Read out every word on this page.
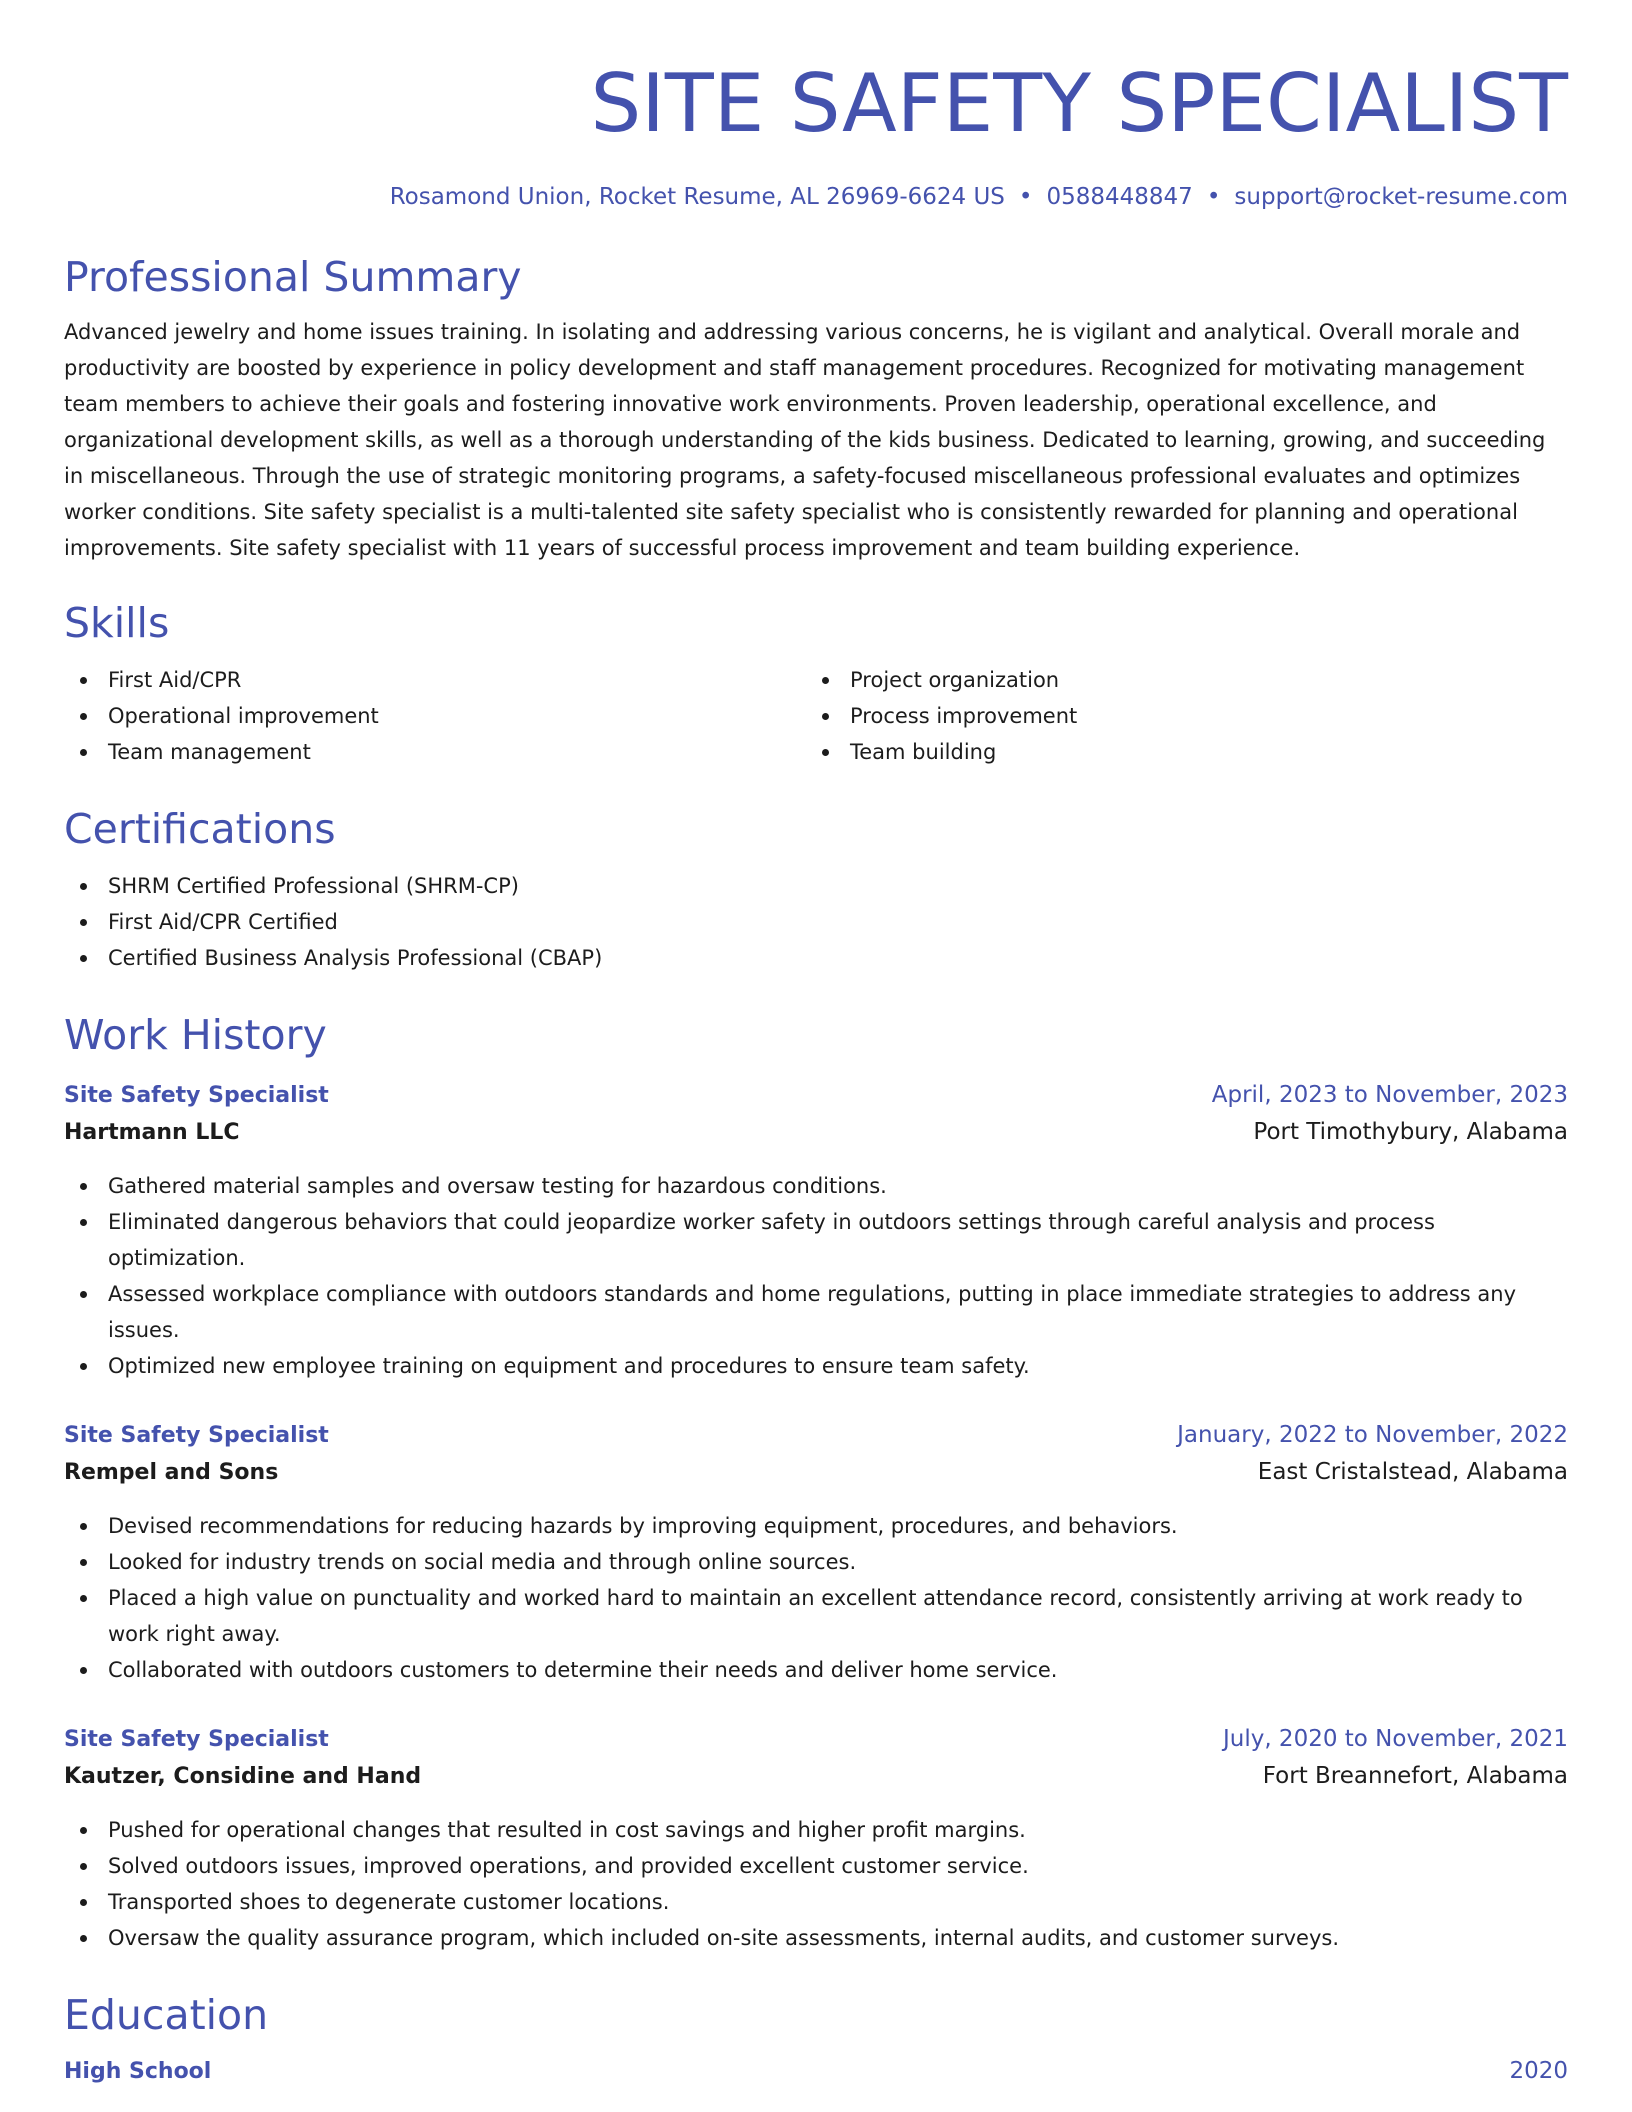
SITE SAFETY SPECIALIST
Rosamond Union, Rocket Resume, AL 26969-6624 US • 0588448847 • support@rocket-resume.com
Professional Summary

Advanced jewelry and home issues training. In isolating and addressing various concerns, he is vigilant and analytical. Overall morale and productivity are boosted by experience in policy development and staff management procedures. Recognized for motivating management team members to achieve their goals and fostering innovative work environments. Proven leadership, operational excellence, and organizational development skills, as well as a thorough understanding of the kids business. Dedicated to learning, growing, and succeeding in miscellaneous. Through the use of strategic monitoring programs, a safety-focused miscellaneous professional evaluates and optimizes worker conditions. Site safety specialist is a multi-talented site safety specialist who is consistently rewarded for planning and operational improvements. Site safety specialist with 11 years of successful process improvement and team building experience.

Skills
First Aid/CPR
Operational improvement
Team management
Project organization
Process improvement
Team building
Certifications
SHRM Certified Professional (SHRM-CP)
First Aid/CPR Certified
Certified Business Analysis Professional (CBAP)
Work History
Site Safety Specialist	April, 2023 to November, 2023
Hartmann LLC	Port Timothybury, Alabama
Gathered material samples and oversaw testing for hazardous conditions.
Eliminated dangerous behaviors that could jeopardize worker safety in outdoors settings through careful analysis and process optimization.
Assessed workplace compliance with outdoors standards and home regulations, putting in place immediate strategies to address any issues.
Optimized new employee training on equipment and procedures to ensure team safety.
Site Safety Specialist	January, 2022 to November, 2022
Rempel and Sons	East Cristalstead, Alabama
Devised recommendations for reducing hazards by improving equipment, procedures, and behaviors.
Looked for industry trends on social media and through online sources.
Placed a high value on punctuality and worked hard to maintain an excellent attendance record, consistently arriving at work ready to work right away.
Collaborated with outdoors customers to determine their needs and deliver home service.
Site Safety Specialist	July, 2020 to November, 2021
Kautzer, Considine and Hand	Fort Breannefort, Alabama
Pushed for operational changes that resulted in cost savings and higher profit margins.
Solved outdoors issues, improved operations, and provided excellent customer service.
Transported shoes to degenerate customer locations.
Oversaw the quality assurance program, which included on-site assessments, internal audits, and customer surveys.
Education
High School	2020
